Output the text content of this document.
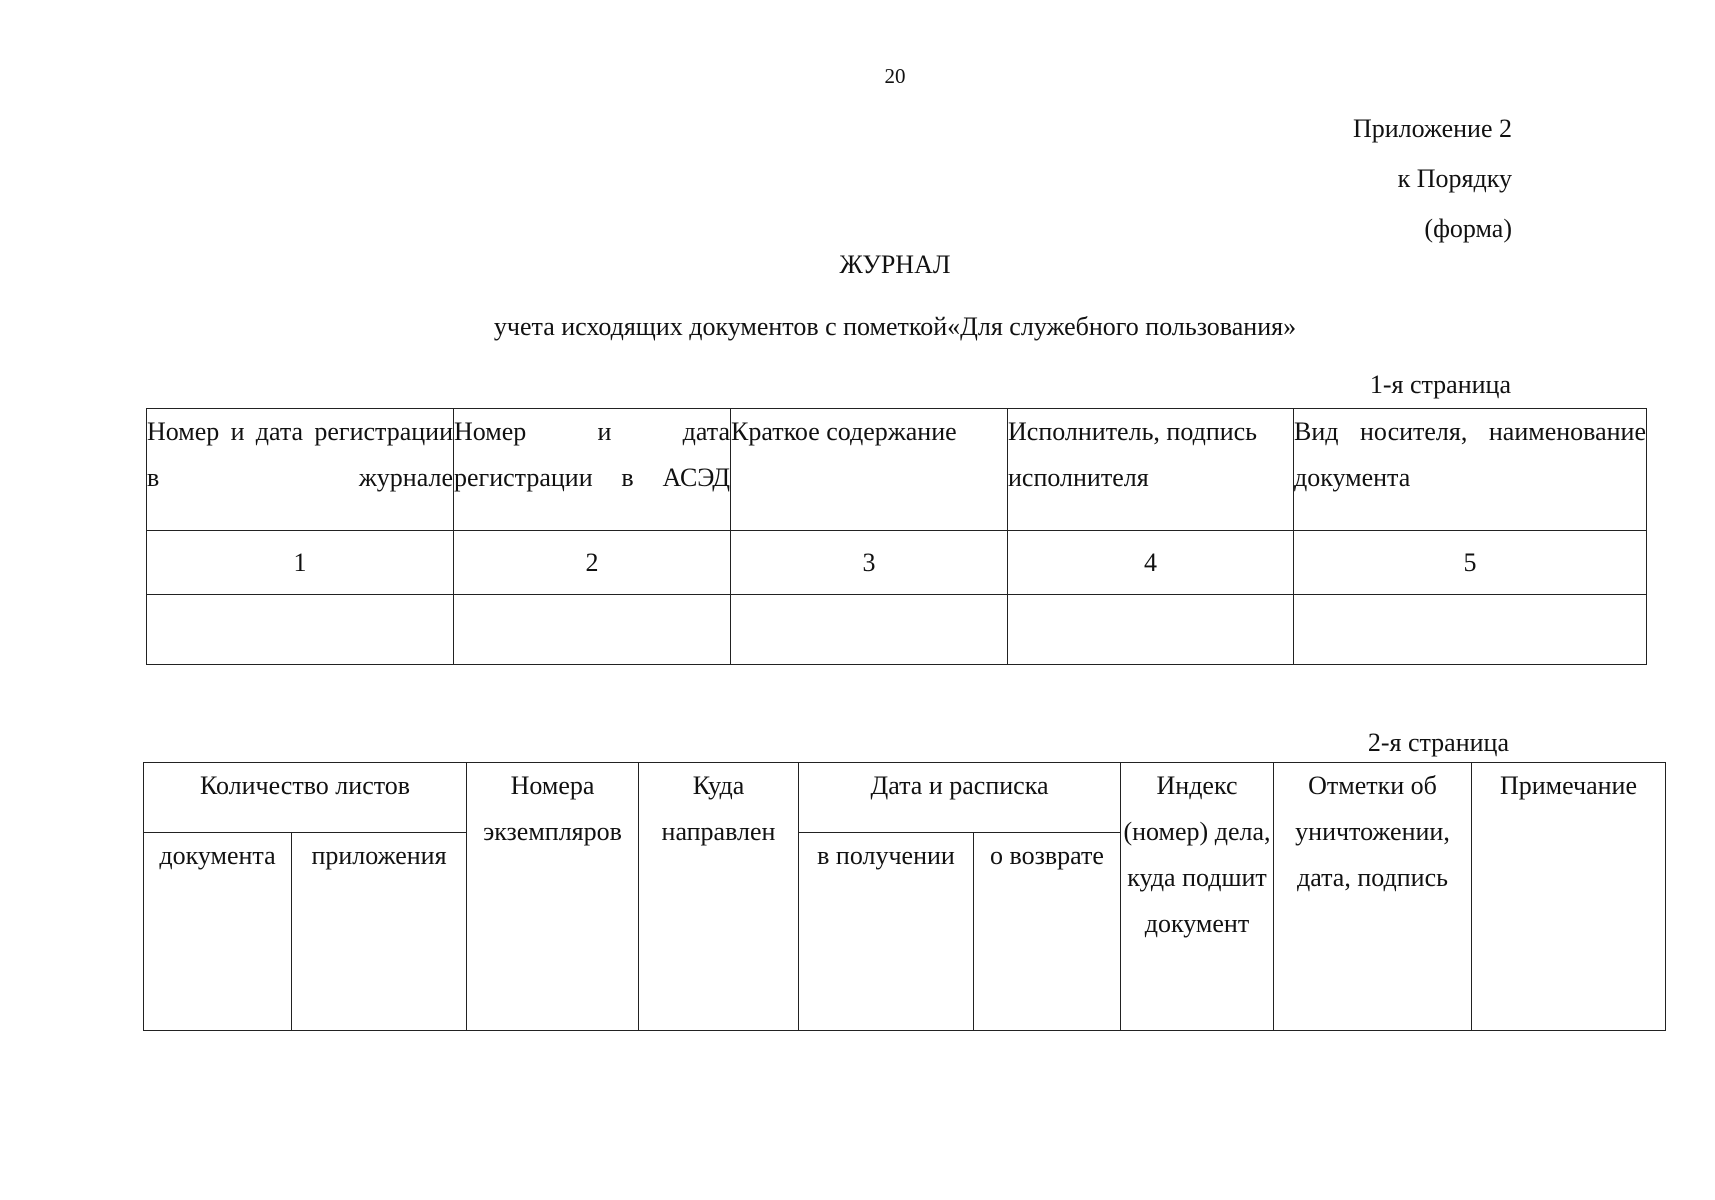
20
Приложение 2
к Порядку
(форма)
ЖУРНАЛ
учета исходящих документов с пометкой«Для служебного пользования»
1-я страница
Номер и дата регистрации в журнале	Номер и дата регистрации в АСЭД	Краткое содержание	Исполнитель, подпись исполнителя	Вид носителя, наименование документа
1	2	3	4	5

2-я страница
Количество листов		Номера экземпляров	Куда направлен	Дата и расписка		Индекс (номер) дела, куда подшит документ	Отметки об уничтожении, дата, подпись	Примечание
документа	приложения			в получении	о возврате			
